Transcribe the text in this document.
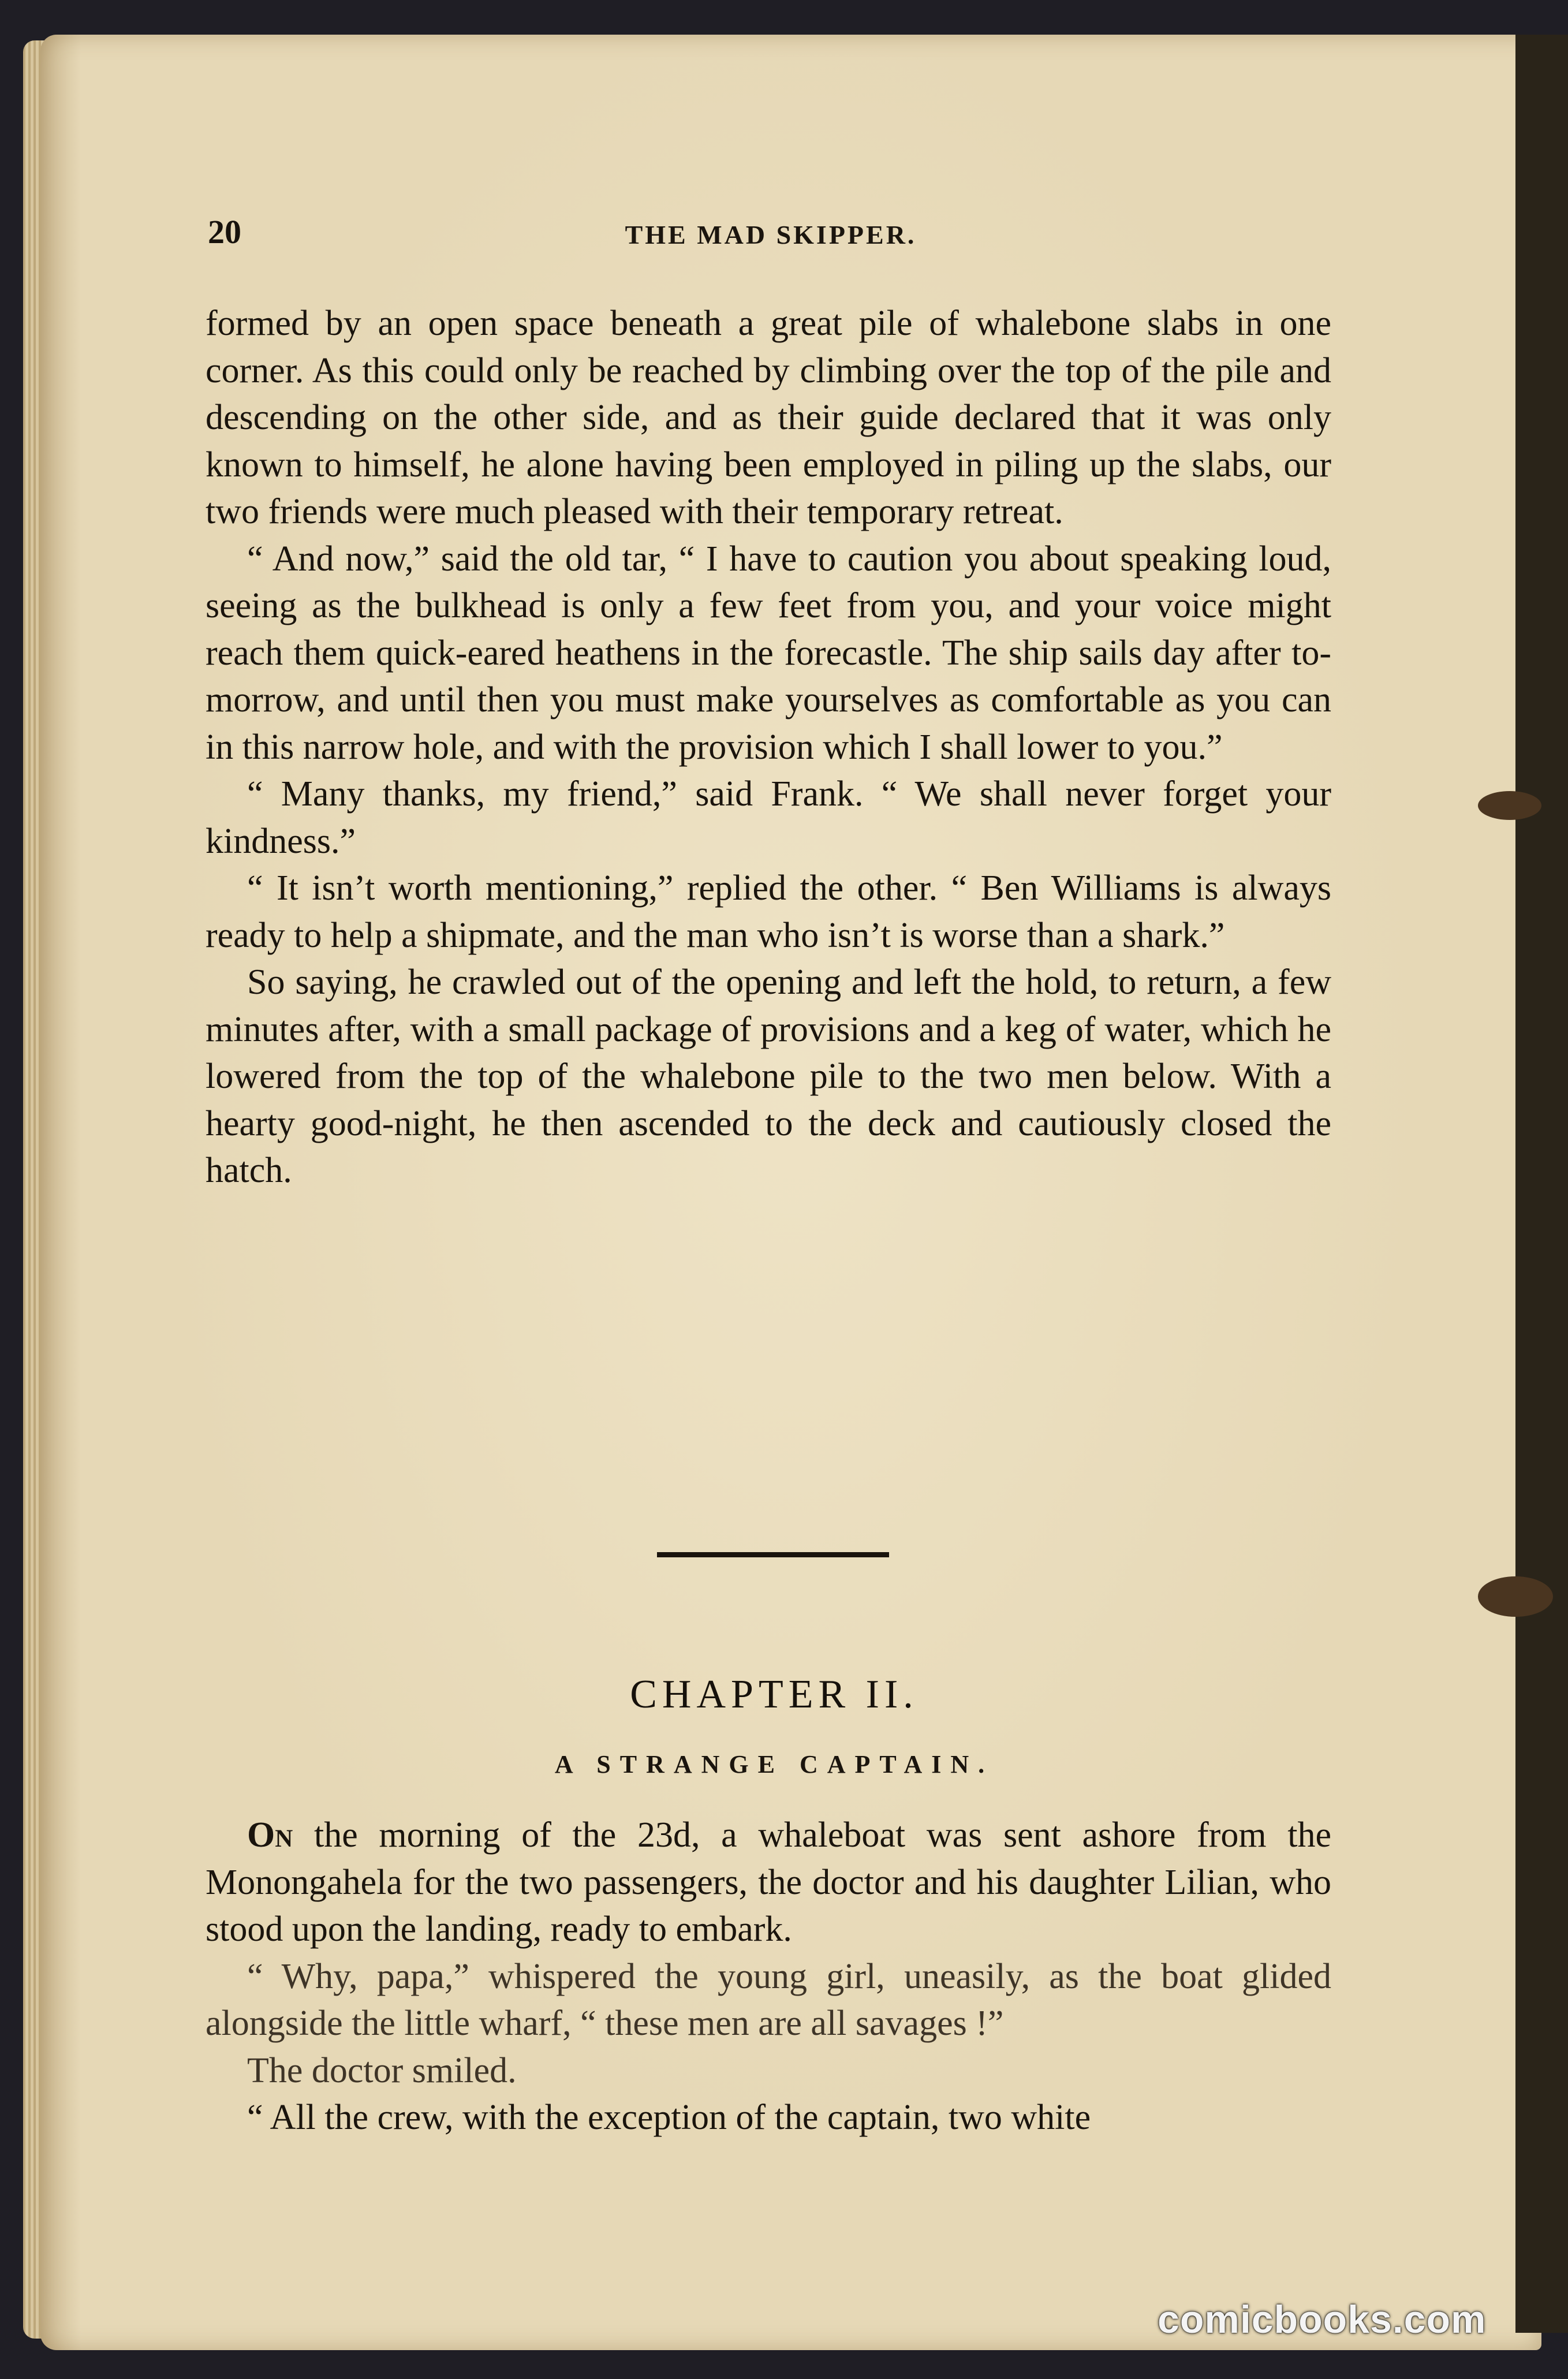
20	THE MAD SKIPPER.

formed by an open space beneath a great pile of whalebone slabs in one corner. As this could only be reached by climbing over the top of the pile and descending on the other side, and as their guide declared that it was only known to himself, he alone having been employed in piling up the slabs, our two friends were much pleased with their temporary retreat.

“ And now,” said the old tar, “ I have to caution you about speaking loud, seeing as the bulkhead is only a few feet from you, and your voice might reach them quick-eared heathens in the forecastle. The ship sails day after to-morrow, and until then you must make yourselves as comfortable as you can in this narrow hole, and with the provision which I shall lower to you.”

“ Many thanks, my friend,” said Frank. “ We shall never forget your kindness.”

“ It isn’t worth mentioning,” replied the other. “ Ben Williams is always ready to help a shipmate, and the man who isn’t is worse than a shark.”

So saying, he crawled out of the opening and left the hold, to return, a few minutes after, with a small package of provisions and a keg of water, which he lowered from the top of the whalebone pile to the two men below. With a hearty good-night, he then ascended to the deck and cautiously closed the hatch.

CHAPTER II.
A STRANGE CAPTAIN.

On the morning of the 23d, a whaleboat was sent ashore from the Monongahela for the two passengers, the doctor and his daughter Lilian, who stood upon the landing, ready to embark.

“ Why, papa,” whispered the young girl, uneasily, as the boat glided alongside the little wharf, “ these men are all savages !”

The doctor smiled.

“ All the crew, with the exception of the captain, two white

comicbooks.com
